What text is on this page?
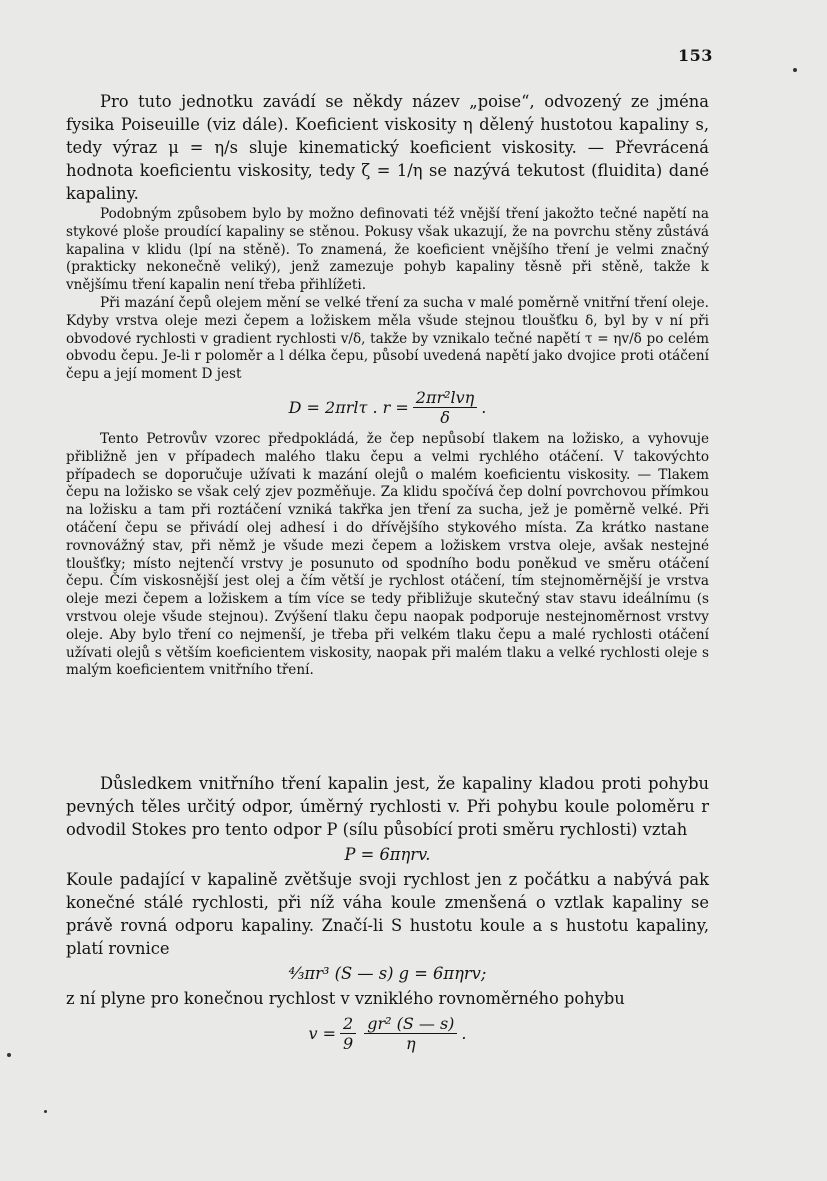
153

Pro tuto jednotku zavádí se někdy název „poise“, odvozený ze jména fysika Poiseuille (viz dále). Koeficient viskosity η dělený hustotou kapaliny s, tedy výraz μ = η/s sluje kinematický koeficient viskosity. — Převrácená hodnota koeficientu viskosity, tedy ζ = 1/η se nazývá tekutost (fluidita) dané kapaliny.

Podobným způsobem bylo by možno definovati též vnější tření jakožto tečné napětí na stykové ploše proudící kapaliny se stěnou. Pokusy však ukazují, že na povrchu stěny zůstává kapalina v klidu (lpí na stěně). To znamená, že koeficient vnějšího tření je velmi značný (prakticky nekonečně veliký), jenž zamezuje pohyb kapaliny těsně při stěně, takže k vnějšímu tření kapalin není třeba přihlížeti.

Při mazání čepů olejem mění se velké tření za sucha v malé poměrně vnitřní tření oleje. Kdyby vrstva oleje mezi čepem a ložiskem měla všude stejnou tloušťku δ, byl by v ní při obvodové rychlosti v gradient rychlosti v/δ, takže by vznikalo tečné napětí τ = ηv/δ po celém obvodu čepu. Je-li r poloměr a l délka čepu, působí uvedená napětí jako dvojice proti otáčení čepu a její moment D jest

D = 2πrlτ . $r = \frac{\text{2πr²lvη}}{\delta}$ .

Tento Petrovův vzorec předpokládá, že čep nepůsobí tlakem na ložisko, a vyhovuje přibližně jen v případech malého tlaku čepu a velmi rychlého otáčení. V takovýchto případech se doporučuje užívati k mazání olejů o malém koeficientu viskosity. — Tlakem čepu na ložisko se však celý zjev pozměňuje. Za klidu spočívá čep dolní povrchovou přímkou na ložisku a tam při roztáčení vzniká takřka jen tření za sucha, jež je poměrně velké. Při otáčení čepu se přivádí olej adhesí i do dřívějšího stykového místa. Za krátko nastane rovnovážný stav, při němž je všude mezi čepem a ložiskem vrstva oleje, avšak nestejné tloušťky; místo nejtenčí vrstvy je posunuto od spodního bodu poněkud ve směru otáčení čepu. Čím viskosnější jest olej a čím větší je rychlost otáčení, tím stejnoměrnější je vrstva oleje mezi čepem a ložiskem a tím více se tedy přibližuje skutečný stav stavu ideálnímu (s vrstvou oleje všude stejnou). Zvýšení tlaku čepu naopak podporuje nestejnoměrnost vrstvy oleje. Aby bylo tření co nejmenší, je třeba při velkém tlaku čepu a malé rychlosti otáčení užívati olejů s větším koeficientem viskosity, naopak při malém tlaku a velké rychlosti oleje s malým koeficientem vnitřního tření.

Důsledkem vnitřního tření kapalin jest, že kapaliny kladou proti pohybu pevných těles určitý odpor, úměrný rychlosti v. Při pohybu koule poloměru r odvodil Stokes pro tento odpor P (sílu působící proti směru rychlosti) vztah

P = 6πηrv.

Koule padající v kapalině zvětšuje svoji rychlost jen z počátku a nabývá pak konečné stálé rychlosti, při níž váha koule zmenšená o vztlak kapaliny se právě rovná odporu kapaliny. Značí-li S hustotu koule a s hustotu kapaliny, platí rovnice

⁴⁄₃πr³ (S — s) g = 6πηrv;

z ní plyne pro konečnou rychlost v vzniklého rovnoměrného pohybu

$v = \frac{2}{9} \frac{\text{gr² (S — s)}}{\eta}$ .
